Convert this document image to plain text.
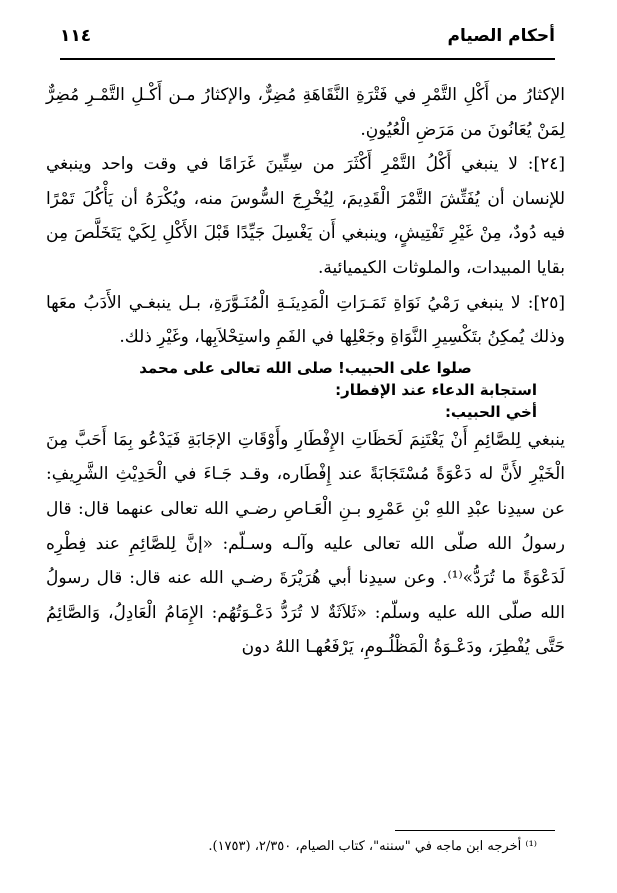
أحكام الصيام
١١٤

الإكثارُ من أَكْلِ التَّمْرِ في فَتْرَةِ النَّقَاهَةِ مُضِرٌّ، والإكثارُ مـن أَكْـلِ التَّمْـرِ مُضِرٌّ لِمَنْ يُعَانُونَ من مَرَضِ الْعُيُونِ.

[٢٤]: لا ينبغي أَكْلُ التَّمْرِ أَكْثَرَ من سِتِّينَ غَرَامًا في وقت واحد وينبغي للإنسان أن يُفَتِّشَ التَّمْرَ الْقَدِيمَ، لِيُخْرِجَ السُّوسَ منه، ويُكْرَهُ أن يَأْكُلَ تَمْرًا فيه دُودٌ، مِنْ غَيْرِ تَفْتِيشٍ، وينبغي أَن يَغْسِلَ جَيِّدًا قَبْلَ الأَكْلِ لِكَيْ يَتَخَلَّصَ مِن بقايا المبيدات، والملوثات الكيميائية.

[٢٥]: لا ينبغي رَمْيُ نَوَاةِ تَمَـرَاتِ الْمَدِينَـةِ الْمُنَـوَّرَةِ، بـل ينبغـي الأَدَبُ معَها وذلك يُمكِنُ بتَكْسِيرِ النَّوَاةِ وجَعْلِها في الفَمِ واستِحْلاَبِها، وغَيْرِ ذلك.

صلوا على الحبيب! صلى الله تعالى على محمد
استجابة الدعاء عند الإفطار:
أخي الحبيب:

ينبغي لِلصَّائِمِ أَنْ يَغْتَنِمَ لَحَظَاتِ الإِفْطَارِ وأَوْقَاتِ الإجَابَةِ فَيَدْعُو بِمَا أَحَبَّ مِنَ الْخَيْرِ لأَنَّ له دَعْوَةً مُسْتَجَابَةً عند إِفْطَاره، وقـد جَـاءَ في الْحَدِيْثِ الشَّرِيفِ: عن سيدِنا عبْدِ اللهِ بْنِ عَمْرِو بـنِ الْعَـاصِ رضـي الله تعالى عنهما قال: قال رسولُ الله صلّى الله تعالى عليه وآلـه وسـلّم: «إنَّ لِلصَّائِمِ عند فِطْرِه لَدَعْوَةً ما تُرَدُّ»⁽¹⁾. وعن سيدِنا أبي هُرَيْرَةَ رضـي الله عنه قال: قال رسولُ الله صلّى الله عليه وسلّم: «ثَلاَثَةٌ لا تُرَدُّ دَعْـوَتُهُم: الإِمَامُ الْعَادِلُ، وَالصَّائِمُ حَتَّى يُفْطِرَ، ودَعْـوَةُ الْمَظْلُـومِ، يَرْفَعُهـا اللهُ دون

⁽¹⁾ أخرجه ابن ماجه في "سننه"، كتاب الصيام، ٢/٣٥٠، (١٧٥٣).
